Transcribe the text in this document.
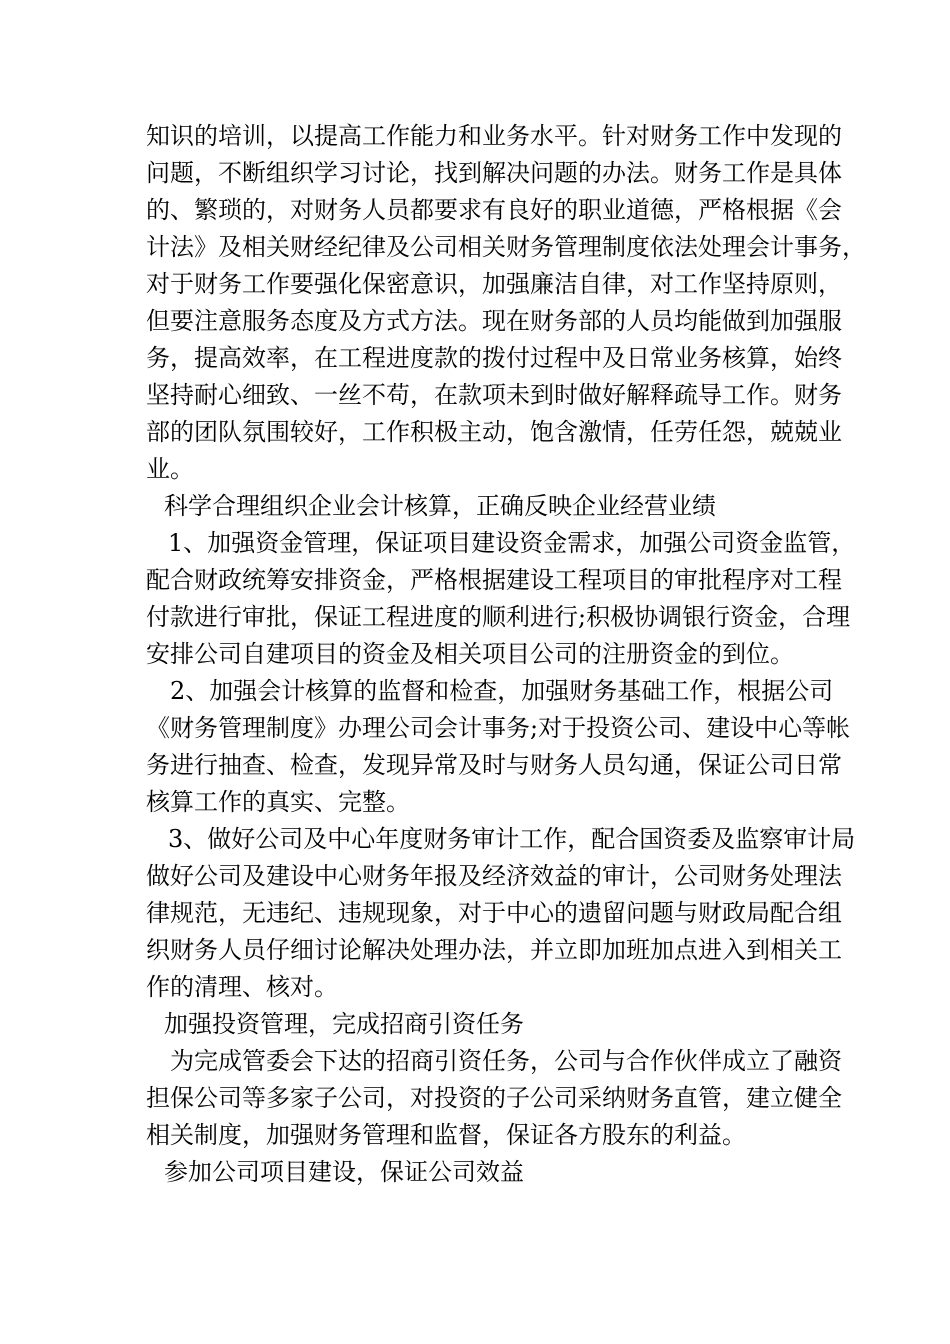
知识的培训，以提高工作能力和业务水平。针对财务工作中发现的
问题，不断组织学习讨论，找到解决问题的办法。财务工作是具体
的、繁琐的，对财务人员都要求有良好的职业道德，严格根据《会
计法》及相关财经纪律及公司相关财务管理制度依法处理会计事务，
对于财务工作要强化保密意识，加强廉洁自律，对工作坚持原则，
但要注意服务态度及方式方法。现在财务部的人员均能做到加强服
务，提高效率，在工程进度款的拨付过程中及日常业务核算，始终
坚持耐心细致、一丝不苟，在款项未到时做好解释疏导工作。财务
部的团队氛围较好，工作积极主动，饱含激情，任劳任怨，兢兢业
业。
科学合理组织企业会计核算，正确反映企业经营业绩
1、加强资金管理，保证项目建设资金需求，加强公司资金监管，
配合财政统筹安排资金，严格根据建设工程项目的审批程序对工程
付款进行审批，保证工程进度的顺利进行;积极协调银行资金，合理
安排公司自建项目的资金及相关项目公司的注册资金的到位。
2、加强会计核算的监督和检查，加强财务基础工作，根据公司
《财务管理制度》办理公司会计事务;对于投资公司、建设中心等帐
务进行抽查、检查，发现异常及时与财务人员勾通，保证公司日常
核算工作的真实、完整。
3、做好公司及中心年度财务审计工作，配合国资委及监察审计局
做好公司及建设中心财务年报及经济效益的审计，公司财务处理法
律规范，无违纪、违规现象，对于中心的遗留问题与财政局配合组
织财务人员仔细讨论解决处理办法，并立即加班加点进入到相关工
作的清理、核对。
加强投资管理，完成招商引资任务
为完成管委会下达的招商引资任务，公司与合作伙伴成立了融资
担保公司等多家子公司，对投资的子公司采纳财务直管，建立健全
相关制度，加强财务管理和监督，保证各方股东的利益。
参加公司项目建设，保证公司效益
